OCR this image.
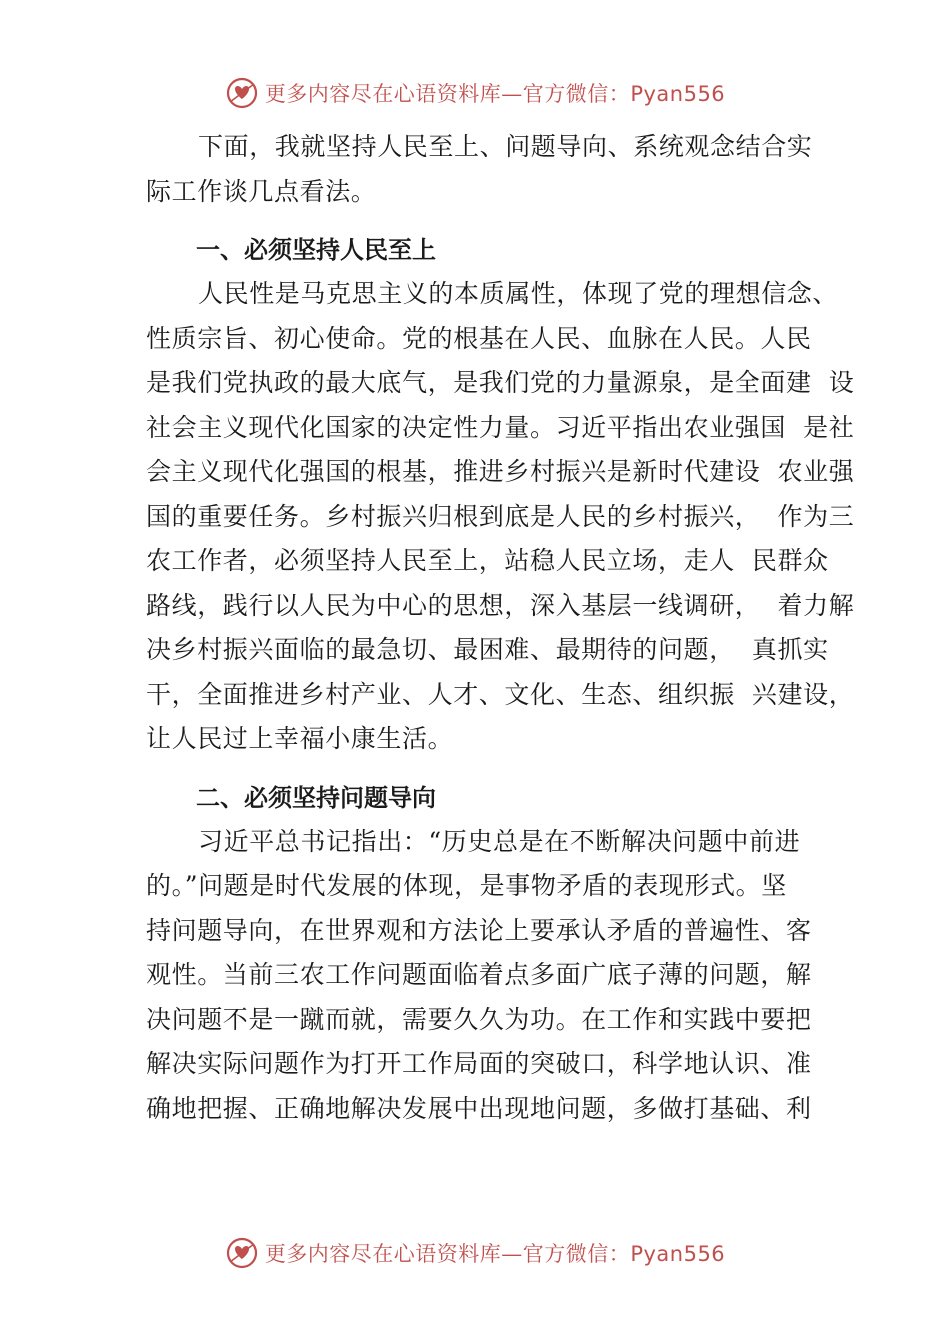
更多内容尽在心语资料库—官方微信：Pyan556
下面，我就坚持人民至上、问题导向、系统观念结合实
际工作谈几点看法。
一、必须坚持人民至上
人民性是马克思主义的本质属性，体现了党的理想信念、
性质宗旨、初心使命。党的根基在人民、血脉在人民。人民
是我们党执政的最大底气，是我们党的力量源泉，是全面建  设
社会主义现代化国家的决定性力量。习近平指出农业强国  是社
会主义现代化强国的根基，推进乡村振兴是新时代建设  农业强
国的重要任务。乡村振兴归根到底是人民的乡村振兴，  作为三
农工作者，必须坚持人民至上，站稳人民立场，走人  民群众
路线，践行以人民为中心的思想，深入基层一线调研，  着力解
决乡村振兴面临的最急切、最困难、最期待的问题，  真抓实
干，全面推进乡村产业、人才、文化、生态、组织振  兴建设，
让人民过上幸福小康生活。
二、必须坚持问题导向
习近平总书记指出：“历史总是在不断解决问题中前进
的。”问题是时代发展的体现，是事物矛盾的表现形式。坚
持问题导向，在世界观和方法论上要承认矛盾的普遍性、客
观性。当前三农工作问题面临着点多面广底子薄的问题，解
决问题不是一蹴而就，需要久久为功。在工作和实践中要把
解决实际问题作为打开工作局面的突破口，科学地认识、准
确地把握、正确地解决发展中出现地问题，多做打基础、利
更多内容尽在心语资料库—官方微信：Pyan556
